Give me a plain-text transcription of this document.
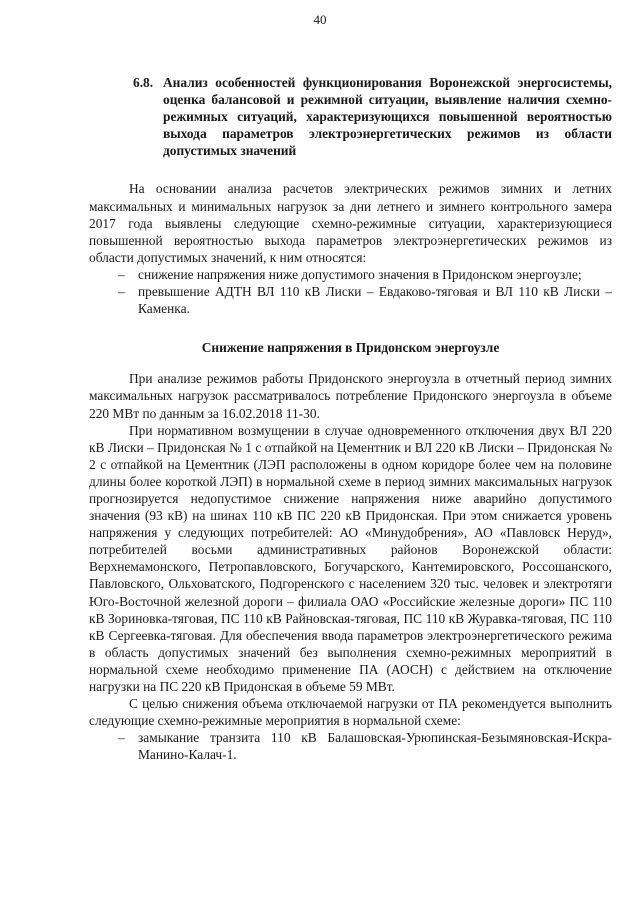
40
6.8. Анализ особенностей функционирования Воронежской энергосистемы, оценка балансовой и режимной ситуации, выявление наличия схемно-режимных ситуаций, характеризующихся повышенной вероятностью выхода параметров электроэнергетических режимов из области допустимых значений

На основании анализа расчетов электрических режимов зимних и летних максимальных и минимальных нагрузок за дни летнего и зимнего контрольного замера 2017 года выявлены следующие схемно-режимные ситуации, характеризующиеся повышенной вероятностью выхода параметров электроэнергетических режимов из области допустимых значений, к ним относятся:

– снижение напряжения ниже допустимого значения в Придонском энергоузле;
– превышение АДТН ВЛ 110 кВ Лиски – Евдаково-тяговая и ВЛ 110 кВ Лиски – Каменка.
Снижение напряжения в Придонском энергоузле

При анализе режимов работы Придонского энергоузла в отчетный период зимних максимальных нагрузок рассматривалось потребление Придонского энергоузла в объеме 220 МВт по данным за 16.02.2018 11-30.

При нормативном возмущении в случае одновременного отключения двух ВЛ 220 кВ Лиски – Придонская № 1 с отпайкой на Цементник и ВЛ 220 кВ Лиски – Придонская № 2 с отпайкой на Цементник (ЛЭП расположены в одном коридоре более чем на половине длины более короткой ЛЭП) в нормальной схеме в период зимних максимальных нагрузок прогнозируется недопустимое снижение напряжения ниже аварийно допустимого значения (93 кВ) на шинах 110 кВ ПС 220 кВ Придонская. При этом снижается уровень напряжения у следующих потребителей: АО «Минудобрения», АО «Павловск Неруд», потребителей восьми административных районов Воронежской области: Верхнемамонского, Петропавловского, Богучарского, Кантемировского, Россошанского, Павловского, Ольховатского, Подгоренского с населением 320 тыс. человек и электротяги Юго-Восточной железной дороги – филиала ОАО «Российские железные дороги» ПС 110 кВ Зориновка-тяговая, ПС 110 кВ Райновская-тяговая, ПС 110 кВ Журавка-тяговая, ПС 110 кВ Сергеевка-тяговая. Для обеспечения ввода параметров электроэнергетического режима в область допустимых значений без выполнения схемно-режимных мероприятий в нормальной схеме необходимо применение ПА (АОСН) с действием на отключение нагрузки на ПС 220 кВ Придонская в объеме 59 МВт.

С целью снижения объема отключаемой нагрузки от ПА рекомендуется выполнить следующие схемно-режимные мероприятия в нормальной схеме:

– замыкание транзита 110 кВ Балашовская-Урюпинская-Безымяновская-Искра-Манино-Калач-1.
